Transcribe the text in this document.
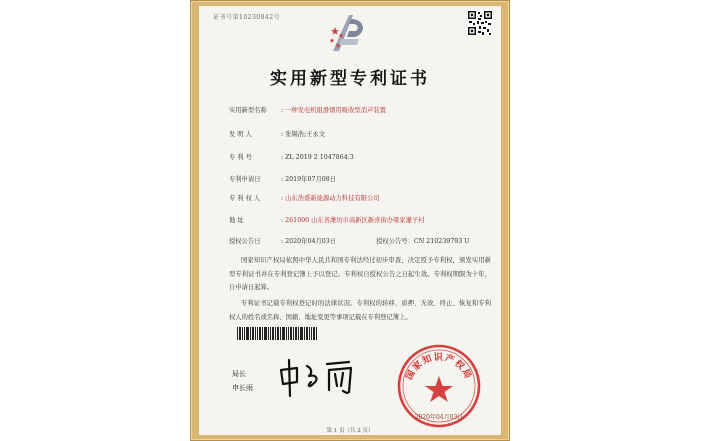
证书号第10230842号
实用新型专利证书
实用新型名称 : 一种发电机组滑烟用吸收型消声装置
发 明 人	: 张锡浩;王永文
专 利 号	: ZL 2019 2 1047864.3
专利申请日	: 2019年07月08日
专 利 权 人	: 山东浩盛新能源动力科技有限公司
地 址	: 261000 山东省潍坊市高新区新喜街办梁家灌子村
授权公告日	: 2020年04月03日	授权公告号：CN 210239793 U

国家知识产权局依照中华人民共和国专利法经过初步审查，决定授予专利权，颁发实用新型专利证书并在专利登记簿上予以登记。专利权自授权公告之日起生效。专利权期限为十年，自申请日起算。

专利证书记载专利权登记时的法律状况。专利权的转移、质押、无效、终止、恢复和专利权人的姓名或名称、国籍、地址变更等事项记载在专利登记簿上。

局长
申长雨
国家知识产权局
2020年04月03日
第 1 页（共 2 页）
